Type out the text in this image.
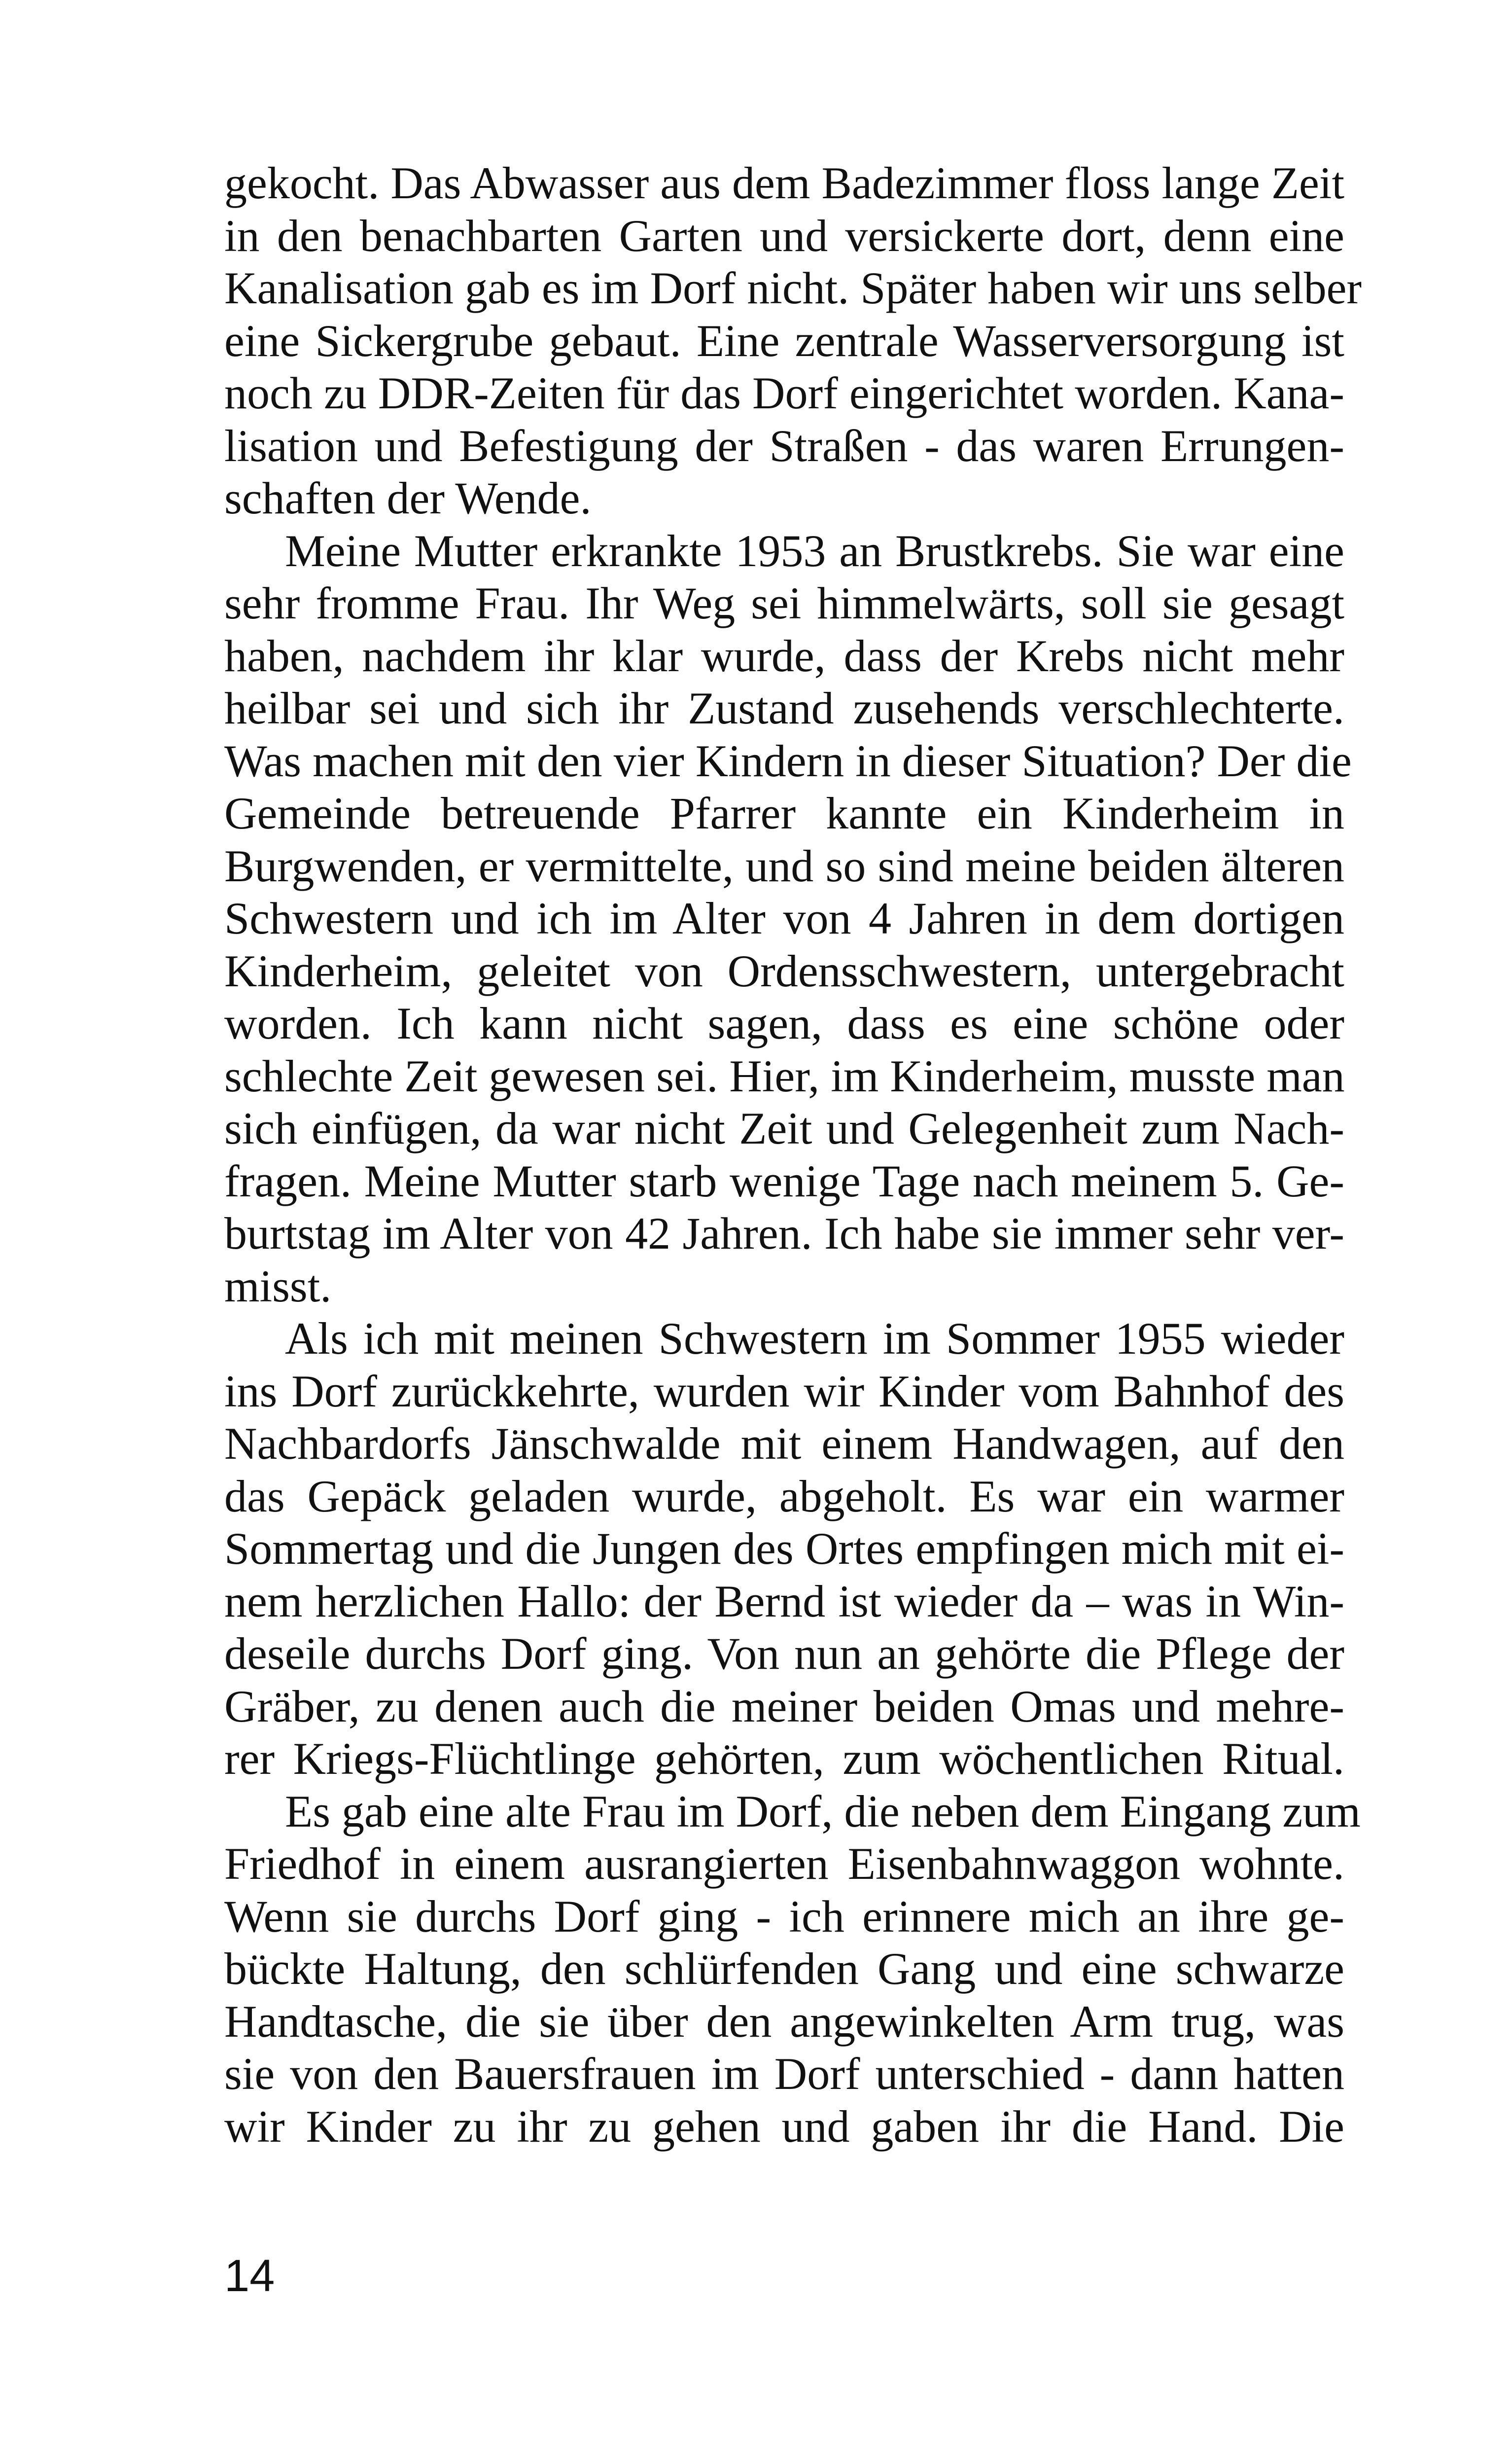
gekocht. Das Abwasser aus dem Badezimmer floss lange Zeit
in den benachbarten Garten und versickerte dort, denn eine
Kanalisation gab es im Dorf nicht. Später haben wir uns selber
eine Sickergrube gebaut. Eine zentrale Wasserversorgung ist
noch zu DDR-Zeiten für das Dorf eingerichtet worden. Kana-
lisation und Befestigung der Straßen - das waren Errungen-
schaften der Wende.
Meine Mutter erkrankte 1953 an Brustkrebs. Sie war eine
sehr fromme Frau. Ihr Weg sei himmelwärts, soll sie gesagt
haben, nachdem ihr klar wurde, dass der Krebs nicht mehr
heilbar sei und sich ihr Zustand zusehends verschlechterte.
Was machen mit den vier Kindern in dieser Situation? Der die
Gemeinde betreuende Pfarrer kannte ein Kinderheim in
Burgwenden, er vermittelte, und so sind meine beiden älteren
Schwestern und ich im Alter von 4 Jahren in dem dortigen
Kinderheim, geleitet von Ordensschwestern, untergebracht
worden. Ich kann nicht sagen, dass es eine schöne oder
schlechte Zeit gewesen sei. Hier, im Kinderheim, musste man
sich einfügen, da war nicht Zeit und Gelegenheit zum Nach-
fragen. Meine Mutter starb wenige Tage nach meinem 5. Ge-
burtstag im Alter von 42 Jahren. Ich habe sie immer sehr ver-
misst.
Als ich mit meinen Schwestern im Sommer 1955 wieder
ins Dorf zurückkehrte, wurden wir Kinder vom Bahnhof des
Nachbardorfs Jänschwalde mit einem Handwagen, auf den
das Gepäck geladen wurde, abgeholt. Es war ein warmer
Sommertag und die Jungen des Ortes empfingen mich mit ei-
nem herzlichen Hallo: der Bernd ist wieder da – was in Win-
deseile durchs Dorf ging. Von nun an gehörte die Pflege der
Gräber, zu denen auch die meiner beiden Omas und mehre-
rer Kriegs-Flüchtlinge gehörten, zum wöchentlichen Ritual.
Es gab eine alte Frau im Dorf, die neben dem Eingang zum
Friedhof in einem ausrangierten Eisenbahnwaggon wohnte.
Wenn sie durchs Dorf ging - ich erinnere mich an ihre ge-
bückte Haltung, den schlürfenden Gang und eine schwarze
Handtasche, die sie über den angewinkelten Arm trug, was
sie von den Bauersfrauen im Dorf unterschied - dann hatten
wir Kinder zu ihr zu gehen und gaben ihr die Hand. Die
14
